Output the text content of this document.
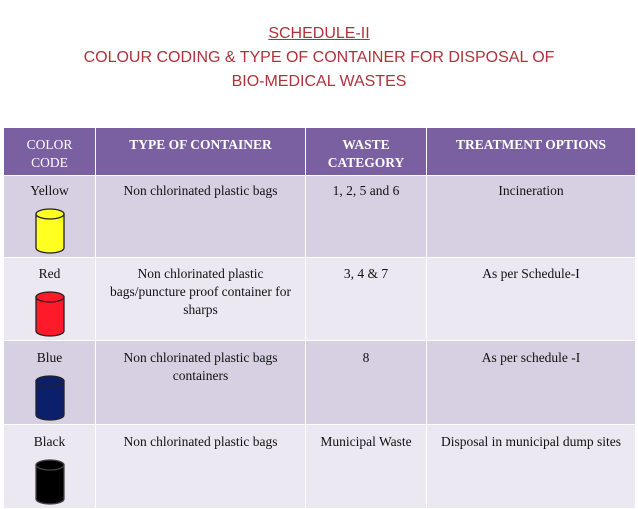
SCHEDULE-II
COLOUR CODING & TYPE OF CONTAINER FOR DISPOSAL OF
BIO-MEDICAL WASTES
COLOR CODE	TYPE OF CONTAINER	WASTE CATEGORY	TREATMENT OPTIONS

Yellow	Non chlorinated plastic bags	1, 2, 5 and 6	Incineration

Red	Non chlorinated plastic bags/puncture proof container for sharps	3, 4 & 7	As per Schedule-I

Blue	Non chlorinated plastic bags containers	8	As per schedule -I

Black	Non chlorinated plastic bags	Municipal Waste	Disposal in municipal dump sites
